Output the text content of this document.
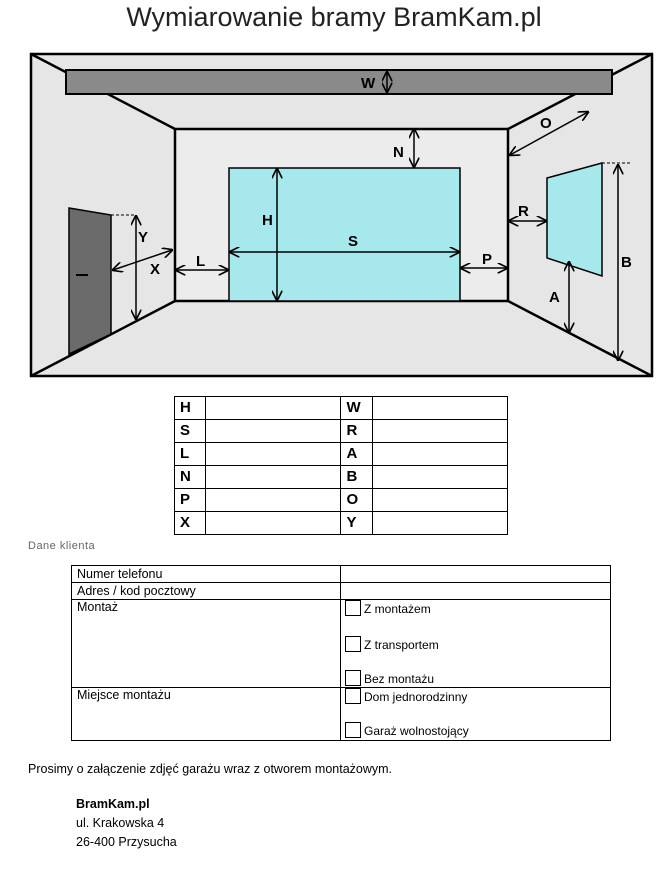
Wymiarowanie bramy BramKam.pl
W
O
N
H
S
L	P
R
B
A
Y
X
H		W	
S		R	
L		A	
N		B	
P		O	
X		Y	
Dane klienta
Numer telefonu	
Adres / kod pocztowy	
Montaż	Z montażem
Z transportem
Bez montażu

Miejsce montażu	Dom jednorodzinny
Garaż wolnostojący
Prosimy o załączenie zdjęć garażu wraz z otworem montażowym.
BramKam.pl
ul. Krakowska 4
26-400 Przysucha
